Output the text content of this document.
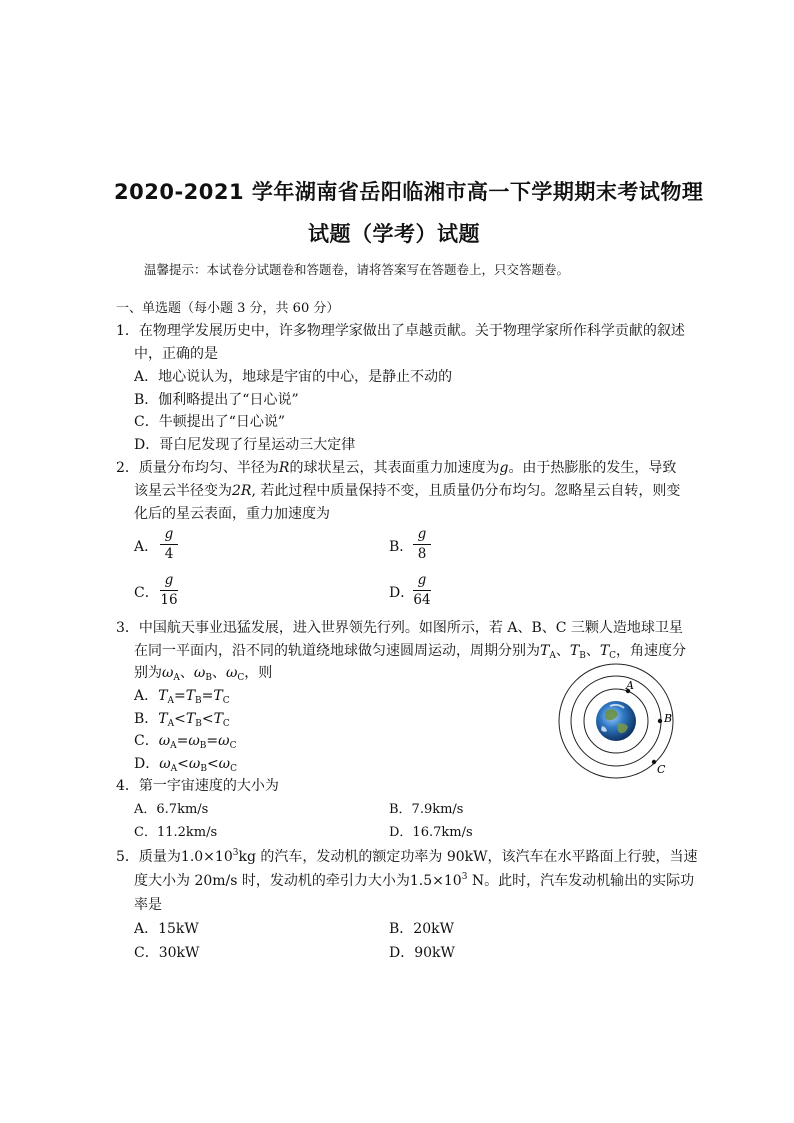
2020-2021 学年湖南省岳阳临湘市高一下学期期末考试物理
试题（学考）试题
温馨提示：本试卷分试题卷和答题卷，请将答案写在答题卷上，只交答题卷。
一、单选题（每小题 3 分，共 60 分）
1．在物理学发展历史中，许多物理学家做出了卓越贡献。关于物理学家所作科学贡献的叙述
中，正确的是
A．地心说认为，地球是宇宙的中心，是静止不动的
B．伽利略提出了“日心说”
C．牛顿提出了“日心说”
D．哥白尼发现了行星运动三大定律
2．质量分布均匀、半径为R的球状星云，其表面重力加速度为g。由于热膨胀的发生，导致
该星云半径变为2R, 若此过程中质量保持不变，且质量仍分布均匀。忽略星云自转，则变
化后的星云表面，重力加速度为
A．
g
4	B．
g
8
C．
g
16	D．
g
64
3．中国航天事业迅猛发展，进入世界领先行列。如图所示，若 A、B、C 三颗人造地球卫星
在同一平面内，沿不同的轨道绕地球做匀速圆周运动，周期分别为$T_A$、$T_B$、$T_C$，角速度分
别为$\omega_A$、$\omega_B$、$\omega_C$，则
A．$T_A=T_B=T_C$
B．$T_A<T_B<T_C$
C．$\omega_A=\omega_B=\omega_C$
D．$\omega_A<\omega_B<\omega_C$
A
B
C
4．第一宇宙速度的大小为
A．6.7km/s	B．7.9km/s
C．11.2km/s	D．16.7km/s
5．质量为$1.0\times 10^3kg$ 的汽车，发动机的额定功率为 90kW，该汽车在水平路面上行驶，当速
度大小为 20m/s 时，发动机的牵引力大小为$1.5\times 10^3$ N。此时，汽车发动机输出的实际功
率是
A．15kW	B．20kW
C．30kW	D．90kW
